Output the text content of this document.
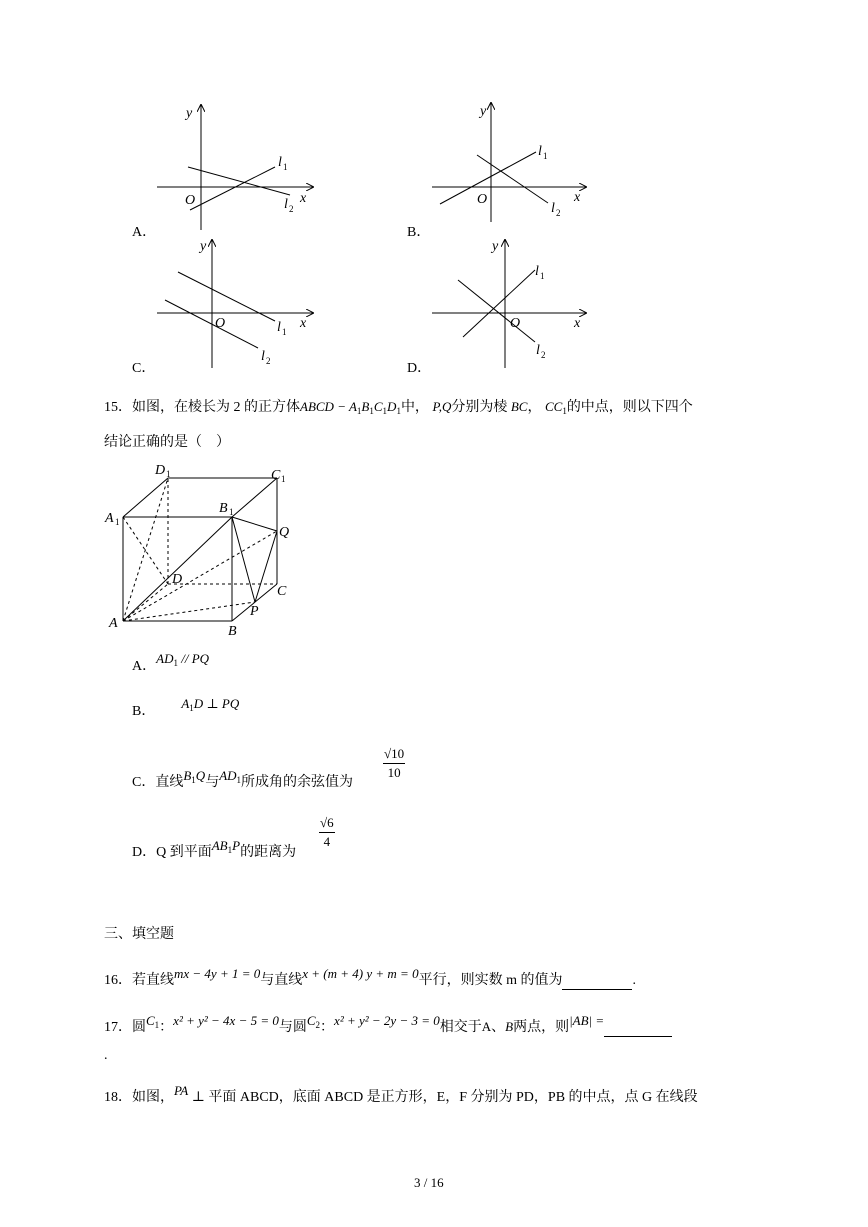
y
x
O
l 1
l 2
y
x
O
l 1
l 2
y
x
O	l 1
l 2
y
x
O
l 1
l 2
A．	B．
C．	D．
15．如图，在棱长为 2 的正方体ABCD − $A_1B_1C_1D_1$中， P,Q分别为棱 BC， $CC_1$的中点，则以下四个
结论正确的是（　）
D 1	C 1
A 1
B 1
Q
D
C
P
A
B
A．$AD_1$ // PQ
B．$A_1D$ ⊥ PQ
C．直线$B_1Q$与$AD_1$所成角的余弦值为
$\frac{√10}{10}$
D．Q 到平面$AB_1P$的距离为
$\frac{√6}{4}$
三、填空题
16．若直线mx − 4y + 1 = 0与直线x + (m + 4) y + m = 0平行，则实数 m 的值为	.
17．圆$C_1$：x² + y² − 4x − 5 = 0与圆$C_2$：x² + y² − 2y − 3 = 0相交于A、B两点，则|AB| =
.
18．如图，PA ⊥ 平面 ABCD，底面 ABCD 是正方形，E，F 分别为 PD，PB 的中点，点 G 在线段
3 / 16
